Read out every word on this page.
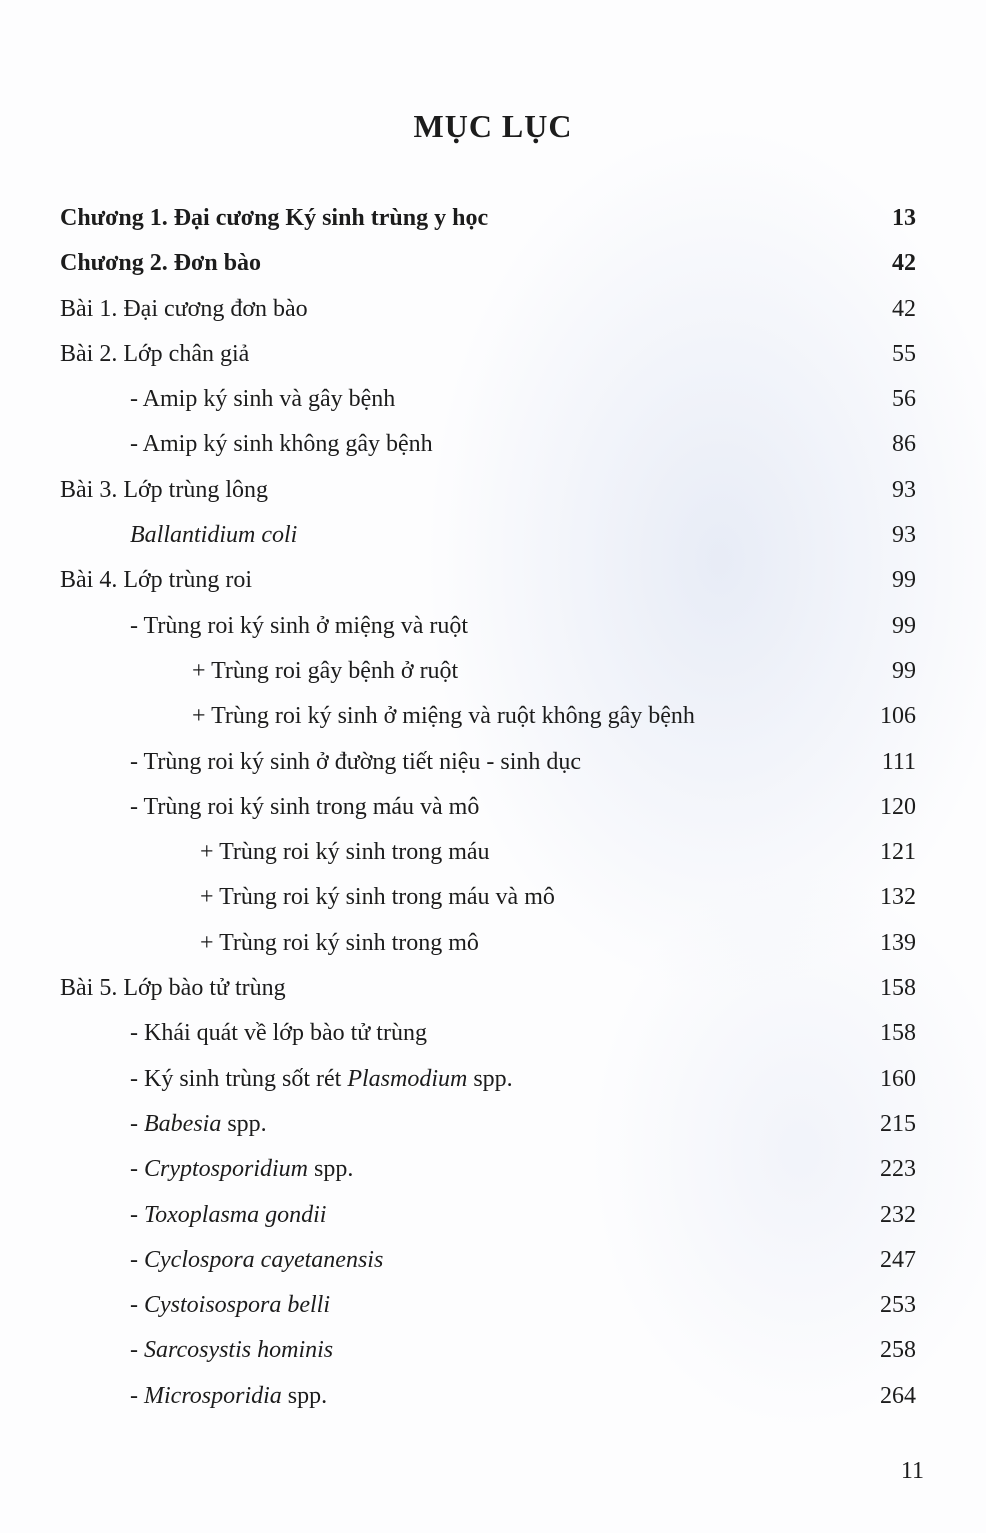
MỤC LỤC
Chương 1. Đại cương Ký sinh trùng y học	13
Chương 2. Đơn bào	42
Bài 1. Đại cương đơn bào	42
Bài 2. Lớp chân giả	55
- Amip ký sinh và gây bệnh	56
- Amip ký sinh không gây bệnh	86
Bài 3. Lớp trùng lông	93
Ballantidium coli	93
Bài 4. Lớp trùng roi	99
- Trùng roi ký sinh ở miệng và ruột	99
+ Trùng roi gây bệnh ở ruột	99
+ Trùng roi ký sinh ở miệng và ruột không gây bệnh	106
- Trùng roi ký sinh ở đường tiết niệu - sinh dục	111
- Trùng roi ký sinh trong máu và mô	120
+ Trùng roi ký sinh trong máu	121
+ Trùng roi ký sinh trong máu và mô	132
+ Trùng roi ký sinh trong mô	139
Bài 5. Lớp bào tử trùng	158
- Khái quát về lớp bào tử trùng	158
- Ký sinh trùng sốt rét Plasmodium spp.	160
- Babesia spp.	215
- Cryptosporidium spp.	223
- Toxoplasma gondii	232
- Cyclospora cayetanensis	247
- Cystoisospora belli	253
- Sarcosystis hominis	258
- Microsporidia spp.	264
11
